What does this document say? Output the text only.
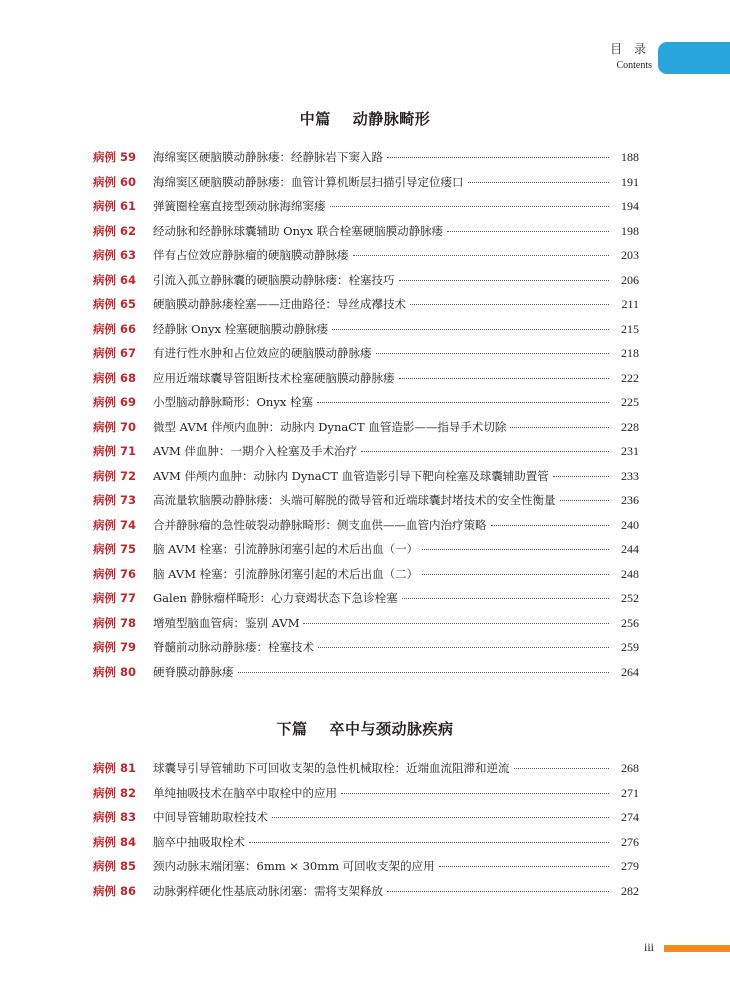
目 录
Contents
中篇 动静脉畸形
病例 59	海绵窦区硬脑膜动静脉瘘：经静脉岩下窦入路	188
病例 60	海绵窦区硬脑膜动静脉瘘：血管计算机断层扫描引导定位瘘口	191
病例 61	弹簧圈栓塞直接型颈动脉海绵窦瘘	194
病例 62	经动脉和经静脉球囊辅助 Onyx 联合栓塞硬脑膜动静脉瘘	198
病例 63	伴有占位效应静脉瘤的硬脑膜动静脉瘘	203
病例 64	引流入孤立静脉囊的硬脑膜动静脉瘘：栓塞技巧	206
病例 65	硬脑膜动静脉瘘栓塞——迂曲路径：导丝成襻技术	211
病例 66	经静脉 Onyx 栓塞硬脑膜动静脉瘘	215
病例 67	有进行性水肿和占位效应的硬脑膜动静脉瘘	218
病例 68	应用近端球囊导管阻断技术栓塞硬脑膜动静脉瘘	222
病例 69	小型脑动静脉畸形：Onyx 栓塞	225
病例 70	微型 AVM 伴颅内血肿：动脉内 DynaCT 血管造影——指导手术切除	228
病例 71	AVM 伴血肿：一期介入栓塞及手术治疗	231
病例 72	AVM 伴颅内血肿：动脉内 DynaCT 血管造影引导下靶向栓塞及球囊辅助置管	233
病例 73	高流量软脑膜动静脉瘘：头端可解脱的微导管和近端球囊封堵技术的安全性衡量	236
病例 74	合并静脉瘤的急性破裂动静脉畸形：侧支血供——血管内治疗策略	240
病例 75	脑 AVM 栓塞：引流静脉闭塞引起的术后出血（一）	244
病例 76	脑 AVM 栓塞：引流静脉闭塞引起的术后出血（二）	248
病例 77	Galen 静脉瘤样畸形：心力衰竭状态下急诊栓塞	252
病例 78	增殖型脑血管病：鉴别 AVM	256
病例 79	脊髓前动脉动静脉瘘：栓塞技术	259
病例 80	硬脊膜动静脉瘘	264
下篇 卒中与颈动脉疾病
病例 81	球囊导引导管辅助下可回收支架的急性机械取栓：近端血流阻滞和逆流	268
病例 82	单纯抽吸技术在脑卒中取栓中的应用	271
病例 83	中间导管辅助取栓技术	274
病例 84	脑卒中抽吸取栓术	276
病例 85	颈内动脉末端闭塞：6mm × 30mm 可回收支架的应用	279
病例 86	动脉粥样硬化性基底动脉闭塞：需将支架释放	282
iii
